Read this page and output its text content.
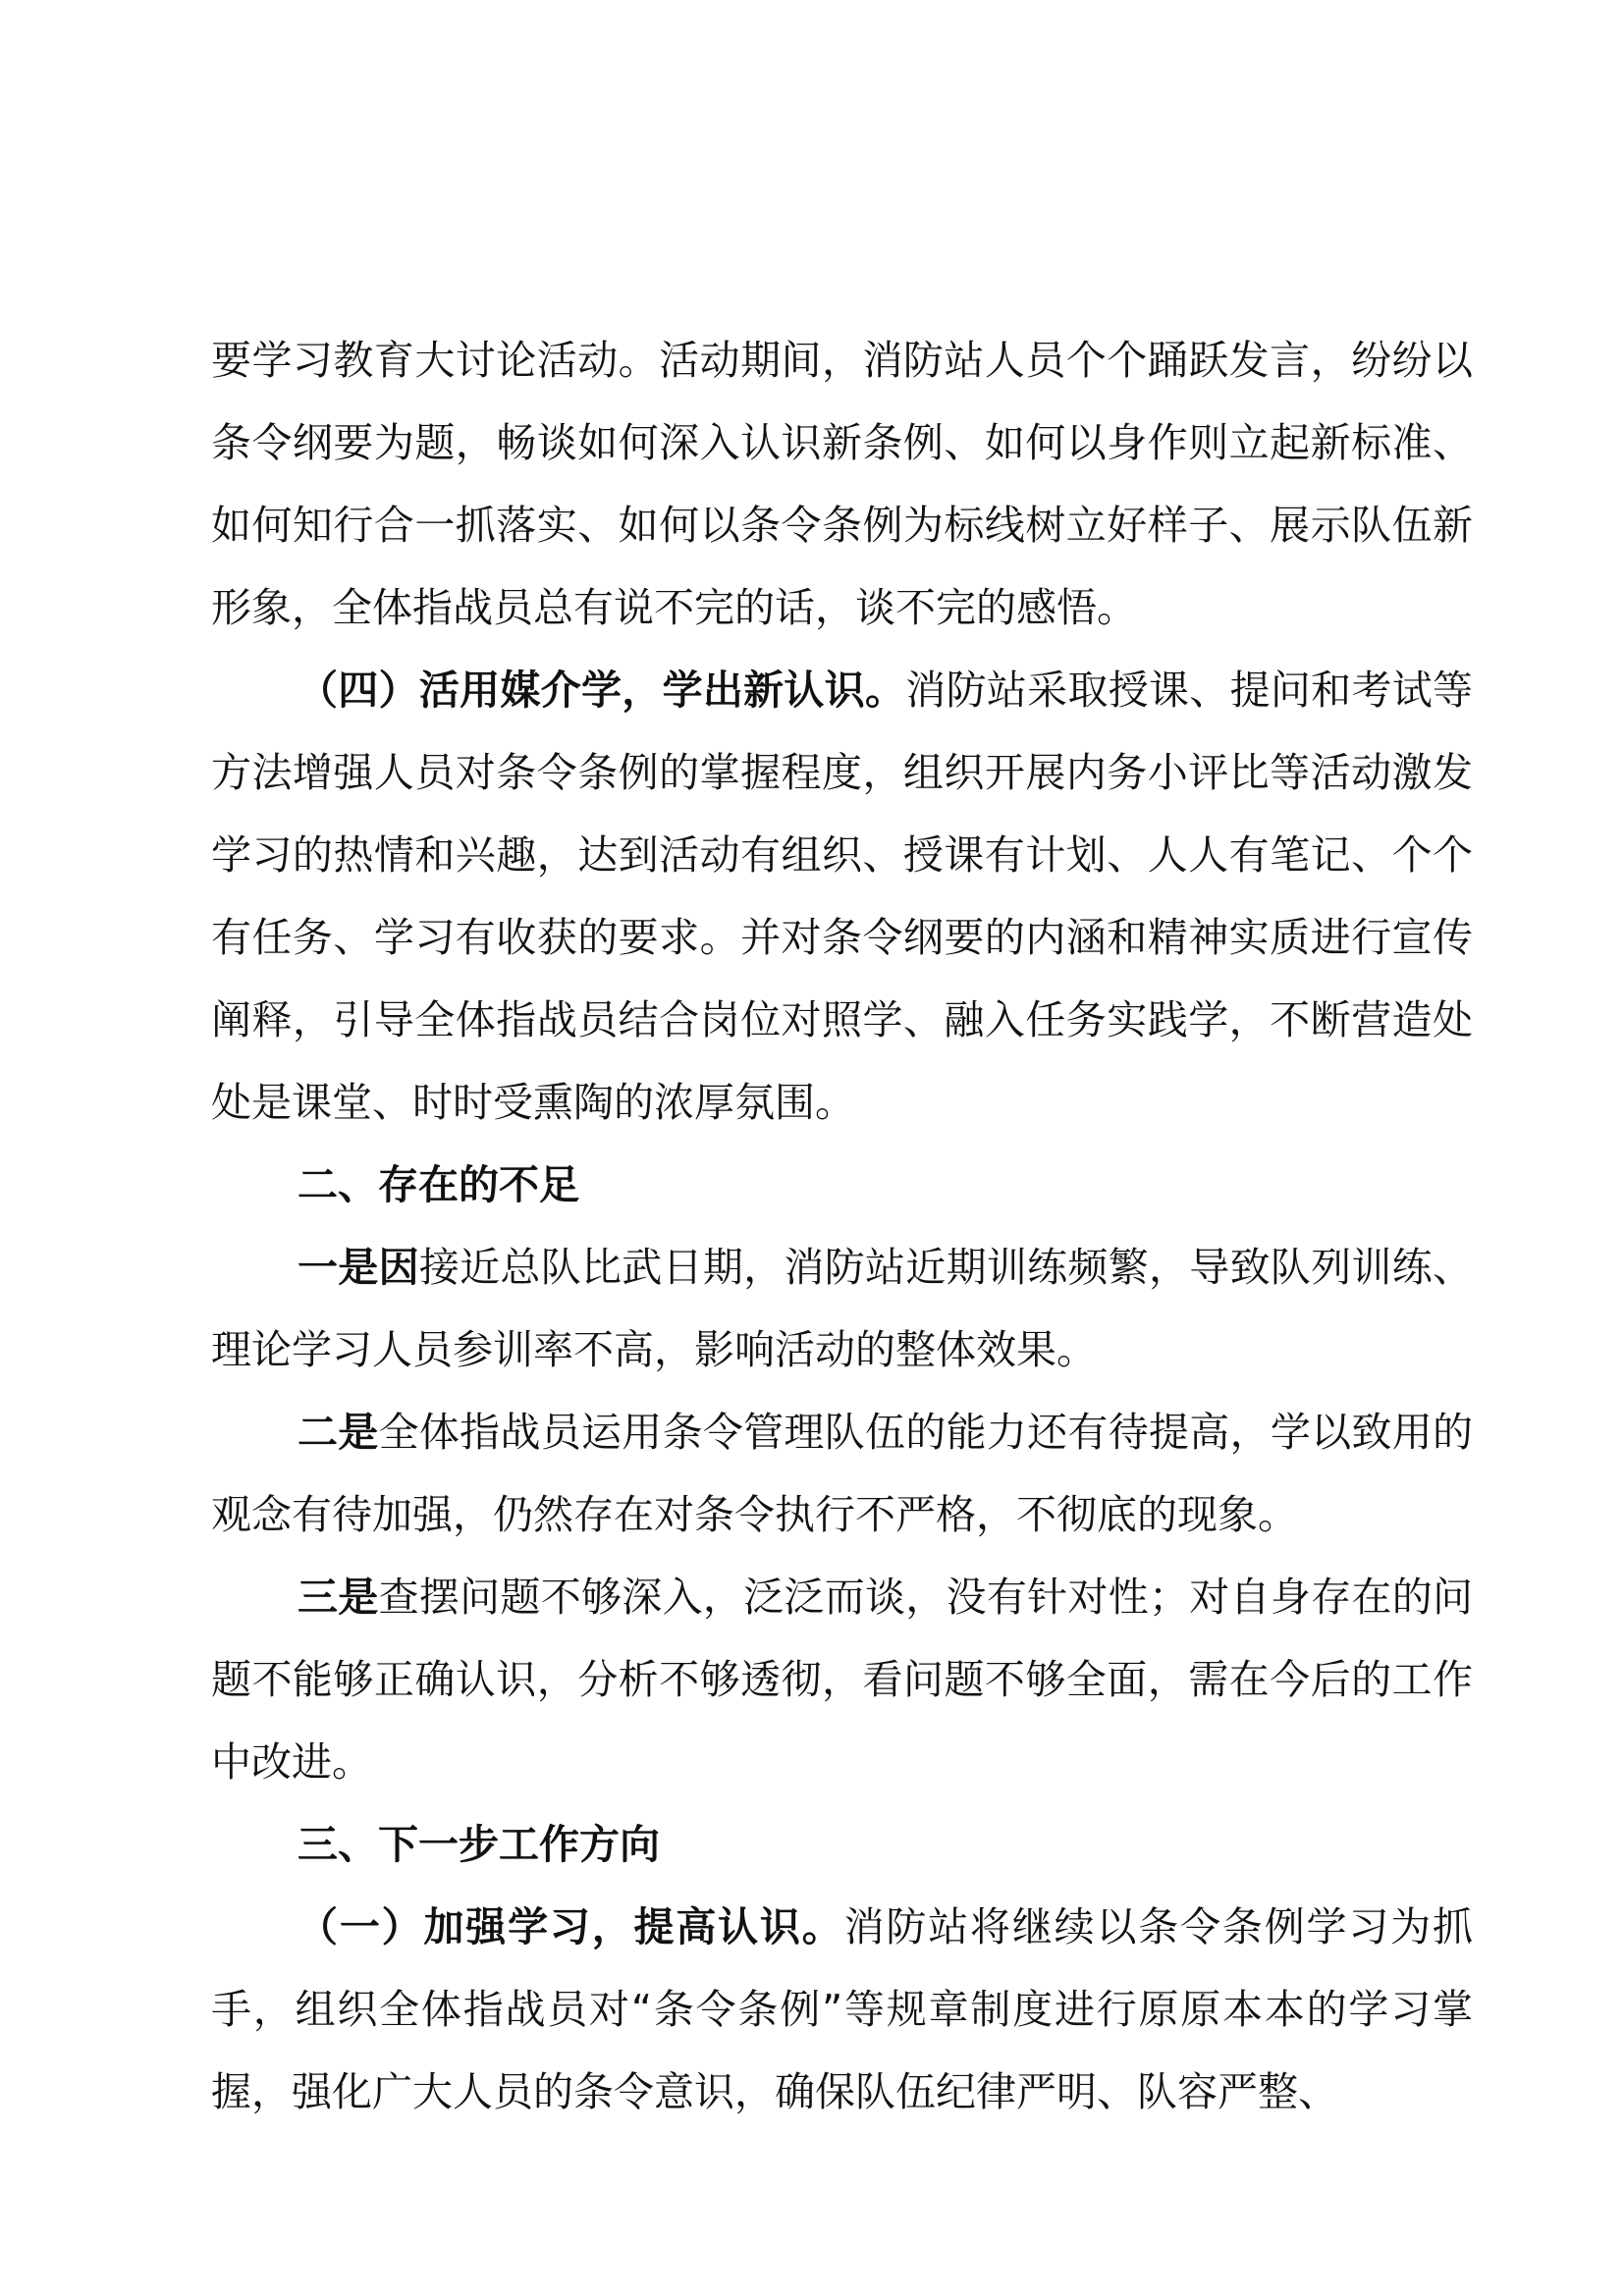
要学习教育大讨论活动。活动期间，消防站人员个个踊跃发言，纷纷以条令纲要为题，畅谈如何深入认识新条例、如何以身作则立起新标准、如何知行合一抓落实、如何以条令条例为标线树立好样子、展示队伍新形象，全体指战员总有说不完的话，谈不完的感悟。

（四）活用媒介学，学出新认识。消防站采取授课、提问和考试等方法增强人员对条令条例的掌握程度，组织开展内务小评比等活动激发学习的热情和兴趣，达到活动有组织、授课有计划、人人有笔记、个个有任务、学习有收获的要求。并对条令纲要的内涵和精神实质进行宣传阐释，引导全体指战员结合岗位对照学、融入任务实践学，不断营造处处是课堂、时时受熏陶的浓厚氛围。

二、存在的不足

一是因接近总队比武日期，消防站近期训练频繁，导致队列训练、理论学习人员参训率不高，影响活动的整体效果。

二是全体指战员运用条令管理队伍的能力还有待提高，学以致用的观念有待加强，仍然存在对条令执行不严格，不彻底的现象。

三是查摆问题不够深入，泛泛而谈，没有针对性；对自身存在的问题不能够正确认识，分析不够透彻，看问题不够全面，需在今后的工作中改进。

三、下一步工作方向

（一）加强学习，提高认识。消防站将继续以条令条例学习为抓手，组织全体指战员对“条令条例”等规章制度进行原原本本的学习掌握，强化广大人员的条令意识，确保队伍纪律严明、队容严整、
